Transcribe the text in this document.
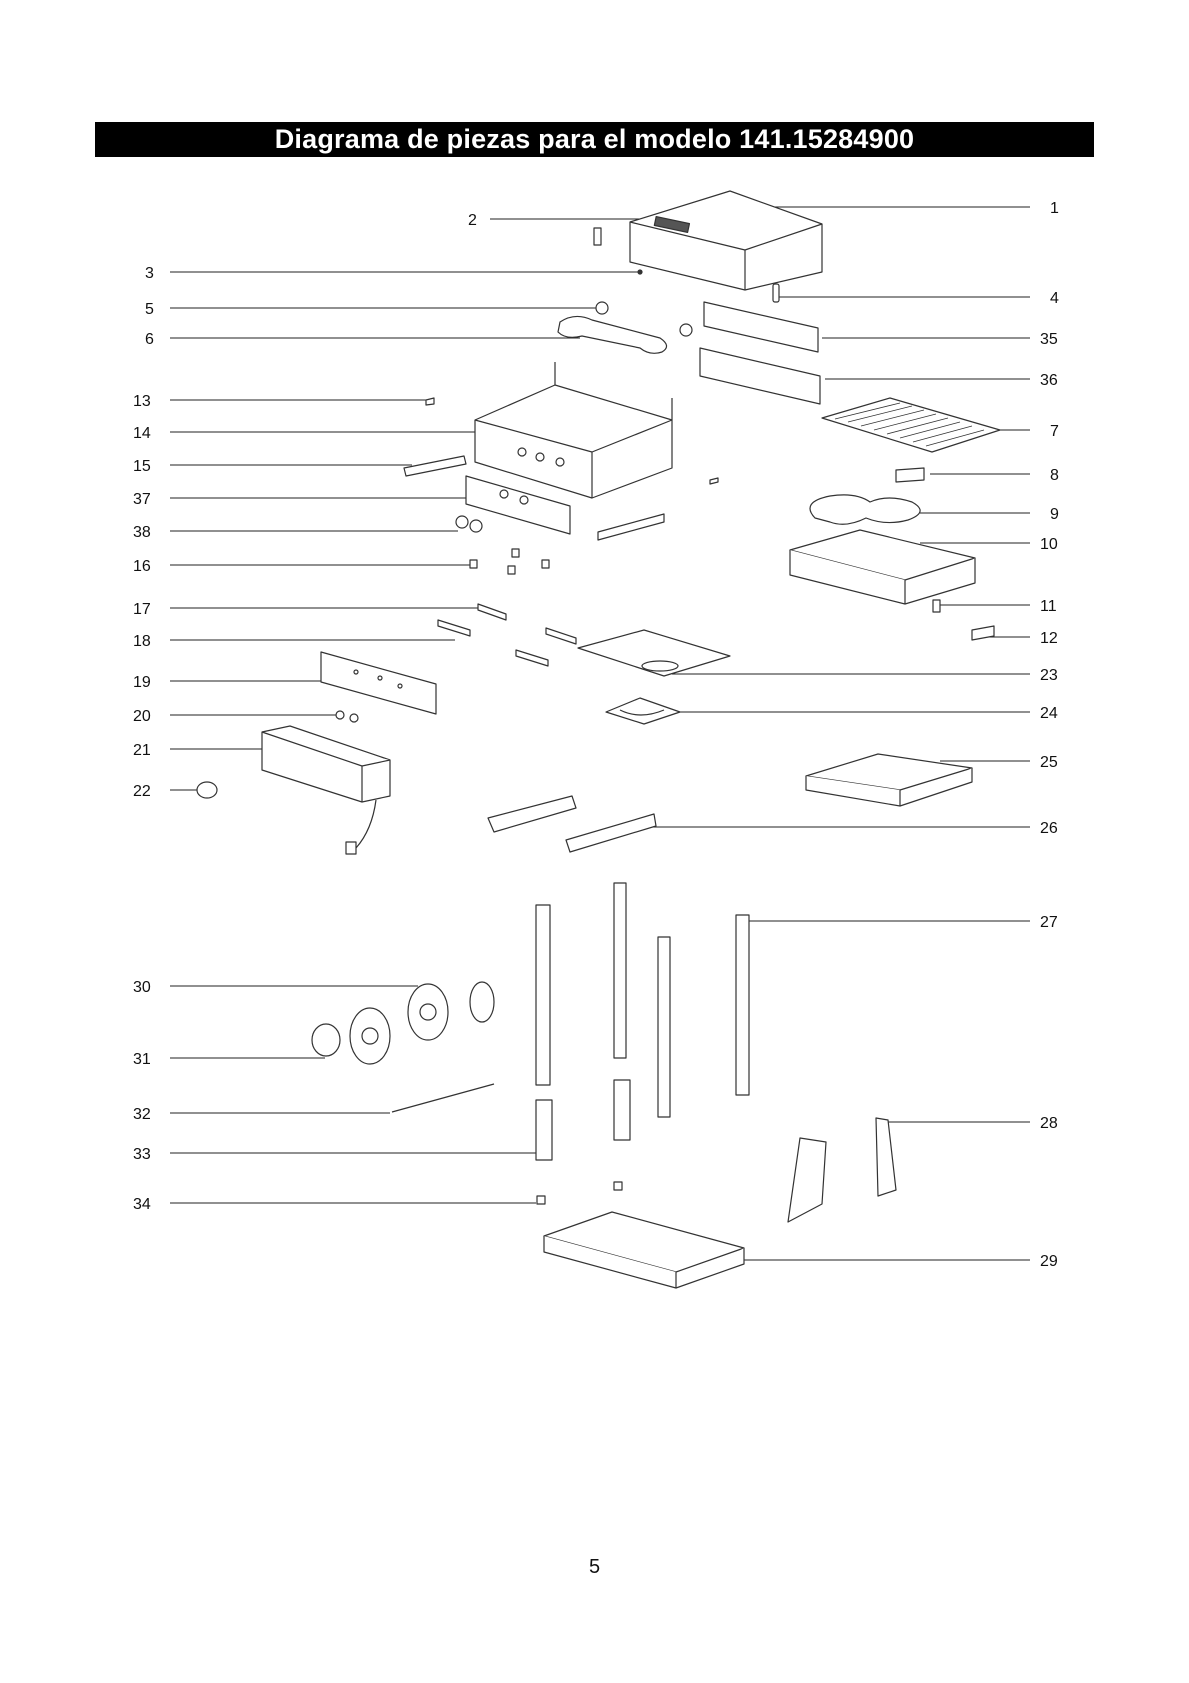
Diagrama de piezas para el modelo 141.15284900
1
4
35
36
7
8
9
10
11
12
23
24
25
26
27
28
29
2
3
5
6
13
14
15
37
38
16
17
18
19
20
21
22
30
31
32
33
34
5
